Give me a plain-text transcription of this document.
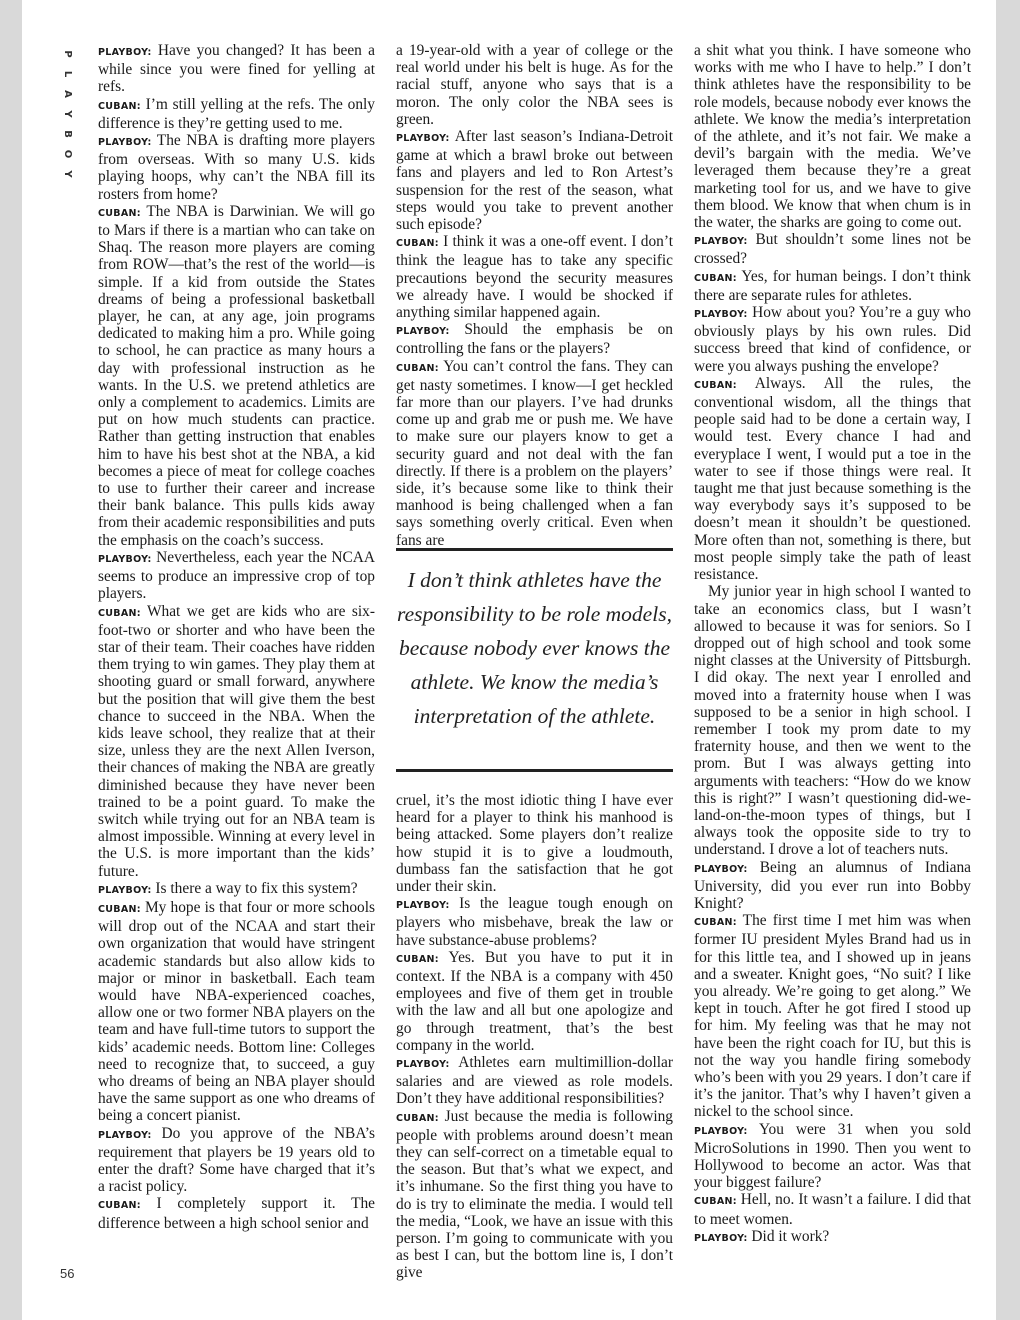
P
L
A
Y
B
O
Y
56

PLAYBOY: Have you changed? It has been a while since you were fined for yelling at refs.

CUBAN: I’m still yelling at the refs. The only difference is they’re getting used to me.

PLAYBOY: The NBA is drafting more players from overseas. With so many U.S. kids playing hoops, why can’t the NBA fill its rosters from home?

CUBAN: The NBA is Darwinian. We will go to Mars if there is a martian who can take on Shaq. The reason more players are coming from ROW—that’s the rest of the world—is simple. If a kid from outside the States dreams of being a professional basketball player, he can, at any age, join programs dedicated to making him a pro. While going to school, he can practice as many hours a day with professional instruction as he wants. In the U.S. we pretend athletics are only a complement to academics. Limits are put on how much students can practice. Rather than getting instruction that enables him to have his best shot at the NBA, a kid becomes a piece of meat for college coaches to use to further their career and increase their bank balance. This pulls kids away from their academic responsibilities and puts the emphasis on the coach’s success.

PLAYBOY: Nevertheless, each year the NCAA seems to produce an impressive crop of top players.

CUBAN: What we get are kids who are six-foot-two or shorter and who have been the star of their team. Their coaches have ridden them trying to win games. They play them at shooting guard or small forward, anywhere but the position that will give them the best chance to succeed in the NBA. When the kids leave school, they realize that at their size, unless they are the next Allen Iverson, their chances of making the NBA are greatly diminished because they have never been trained to be a point guard. To make the switch while trying out for an NBA team is almost impossible. Winning at every level in the U.S. is more important than the kids’ future.

PLAYBOY: Is there a way to fix this system?

CUBAN: My hope is that four or more schools will drop out of the NCAA and start their own organization that would have stringent academic standards but also allow kids to major or minor in basketball. Each team would have NBA-experienced coaches, allow one or two former NBA players on the team and have full-time tutors to support the kids’ academic needs. Bottom line: Colleges need to recognize that, to succeed, a guy who dreams of being an NBA player should have the same support as one who dreams of being a concert pianist.

PLAYBOY: Do you approve of the NBA’s requirement that players be 19 years old to enter the draft? Some have charged that it’s a racist policy.

CUBAN: I completely support it. The difference between a high school senior and

a 19-year-old with a year of college or the real world under his belt is huge. As for the racial stuff, anyone who says that is a moron. The only color the NBA sees is green.

PLAYBOY: After last season’s Indiana-Detroit game at which a brawl broke out between fans and players and led to Ron Artest’s suspension for the rest of the season, what steps would you take to prevent another such episode?

CUBAN: I think it was a one-off event. I don’t think the league has to take any specific precautions beyond the security measures we already have. I would be shocked if anything similar happened again.

PLAYBOY: Should the emphasis be on controlling the fans or the players?

CUBAN: You can’t control the fans. They can get nasty sometimes. I know—I get heckled far more than our players. I’ve had drunks come up and grab me or push me. We have to make sure our players know to get a security guard and not deal with the fan directly. If there is a problem on the players’ side, it’s because some like to think their manhood is being challenged when a fan says something overly critical. Even when fans are

I don’t think athletes have the responsibility to be role models, because nobody ever knows the athlete. We know the media’s interpretation of the athlete.

cruel, it’s the most idiotic thing I have ever heard for a player to think his manhood is being attacked. Some players don’t realize how stupid it is to give a loudmouth, dumbass fan the satisfaction that he got under their skin.

PLAYBOY: Is the league tough enough on players who misbehave, break the law or have substance-abuse problems?

CUBAN: Yes. But you have to put it in context. If the NBA is a company with 450 employees and five of them get in trouble with the law and all but one apologize and go through treatment, that’s the best company in the world.

PLAYBOY: Athletes earn multimillion-dollar salaries and are viewed as role models. Don’t they have additional responsibilities?

CUBAN: Just because the media is following people with problems around doesn’t mean they can self-correct on a timetable equal to the season. But that’s what we expect, and it’s inhumane. So the first thing you have to do is try to eliminate the media. I would tell the media, “Look, we have an issue with this person. I’m going to communicate with you as best I can, but the bottom line is, I don’t give

a shit what you think. I have someone who works with me who I have to help.” I don’t think athletes have the responsibility to be role models, because nobody ever knows the athlete. We know the media’s interpretation of the athlete, and it’s not fair. We make a devil’s bargain with the media. We’ve leveraged them because they’re a great marketing tool for us, and we have to give them blood. We know that when chum is in the water, the sharks are going to come out.

PLAYBOY: But shouldn’t some lines not be crossed?

CUBAN: Yes, for human beings. I don’t think there are separate rules for athletes.

PLAYBOY: How about you? You’re a guy who obviously plays by his own rules. Did success breed that kind of confidence, or were you always pushing the envelope?

CUBAN: Always. All the rules, the conventional wisdom, all the things that people said had to be done a certain way, I would test. Every chance I had and everyplace I went, I would put a toe in the water to see if those things were real. It taught me that just because something is the way everybody says it’s supposed to be doesn’t mean it shouldn’t be questioned. More often than not, something is there, but most people simply take the path of least resistance.

My junior year in high school I wanted to take an economics class, but I wasn’t allowed to because it was for seniors. So I dropped out of high school and took some night classes at the University of Pittsburgh. I did okay. The next year I enrolled and moved into a fraternity house when I was supposed to be a senior in high school. I remember I took my prom date to my fraternity house, and then we went to the prom. But I was always getting into arguments with teachers: “How do we know this is right?” I wasn’t questioning did-we-land-on-the-moon types of things, but I always took the opposite side to try to understand. I drove a lot of teachers nuts.

PLAYBOY: Being an alumnus of Indiana University, did you ever run into Bobby Knight?

CUBAN: The first time I met him was when former IU president Myles Brand had us in for this little tea, and I showed up in jeans and a sweater. Knight goes, “No suit? I like you already. We’re going to get along.” We kept in touch. After he got fired I stood up for him. My feeling was that he may not have been the right coach for IU, but this is not the way you handle firing somebody who’s been with you 29 years. I don’t care if it’s the janitor. That’s why I haven’t given a nickel to the school since.

PLAYBOY: You were 31 when you sold MicroSolutions in 1990. Then you went to Hollywood to become an actor. Was that your biggest failure?

CUBAN: Hell, no. It wasn’t a failure. I did that to meet women.

PLAYBOY: Did it work?
